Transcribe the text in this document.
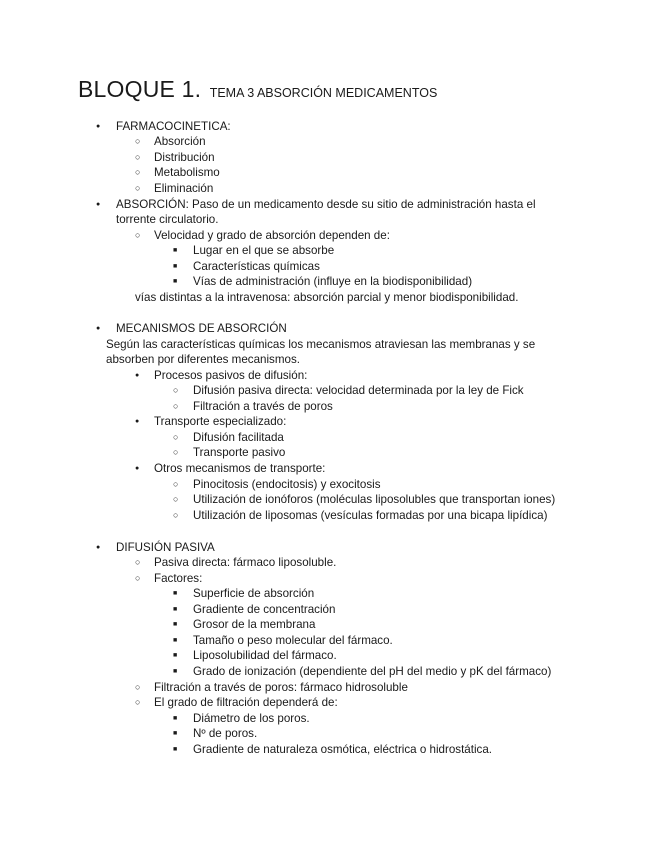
BLOQUE 1. TEMA 3 ABSORCIÓN MEDICAMENTOS
●
FARMACOCINETICA:
○
Absorción
○
Distribución
○
Metabolismo
○
Eliminación
●
ABSORCIÓN: Paso de un medicamento desde su sitio de administración hasta el
torrente circulatorio.
○
Velocidad y grado de absorción dependen de:
■
Lugar en el que se absorbe
■
Características químicas
■
Vías de administración (influye en la biodisponibilidad)
vías distintas a la intravenosa: absorción parcial y menor biodisponibilidad.
●
MECANISMOS DE ABSORCIÓN
Según las características químicas los mecanismos atraviesan las membranas y se
absorben por diferentes mecanismos.
●
Procesos pasivos de difusión:
○
Difusión pasiva directa: velocidad determinada por la ley de Fick
○
Filtración a través de poros
●
Transporte especializado:
○
Difusión facilitada
○
Transporte pasivo
●
Otros mecanismos de transporte:
○
Pinocitosis (endocitosis) y exocitosis
○
Utilización de ionóforos (moléculas liposolubles que transportan iones)
○
Utilización de liposomas (vesículas formadas por una bicapa lipídica)
●
DIFUSIÓN PASIVA
○
Pasiva directa: fármaco liposoluble.
○
Factores:
■
Superficie de absorción
■
Gradiente de concentración
■
Grosor de la membrana
■
Tamaño o peso molecular del fármaco.
■
Liposolubilidad del fármaco.
■
Grado de ionización (dependiente del pH del medio y pK del fármaco)
○
Filtración a través de poros: fármaco hidrosoluble
○
El grado de filtración dependerá de:
■
Diámetro de los poros.
■
Nº de poros.
■
Gradiente de naturaleza osmótica, eléctrica o hidrostática.
